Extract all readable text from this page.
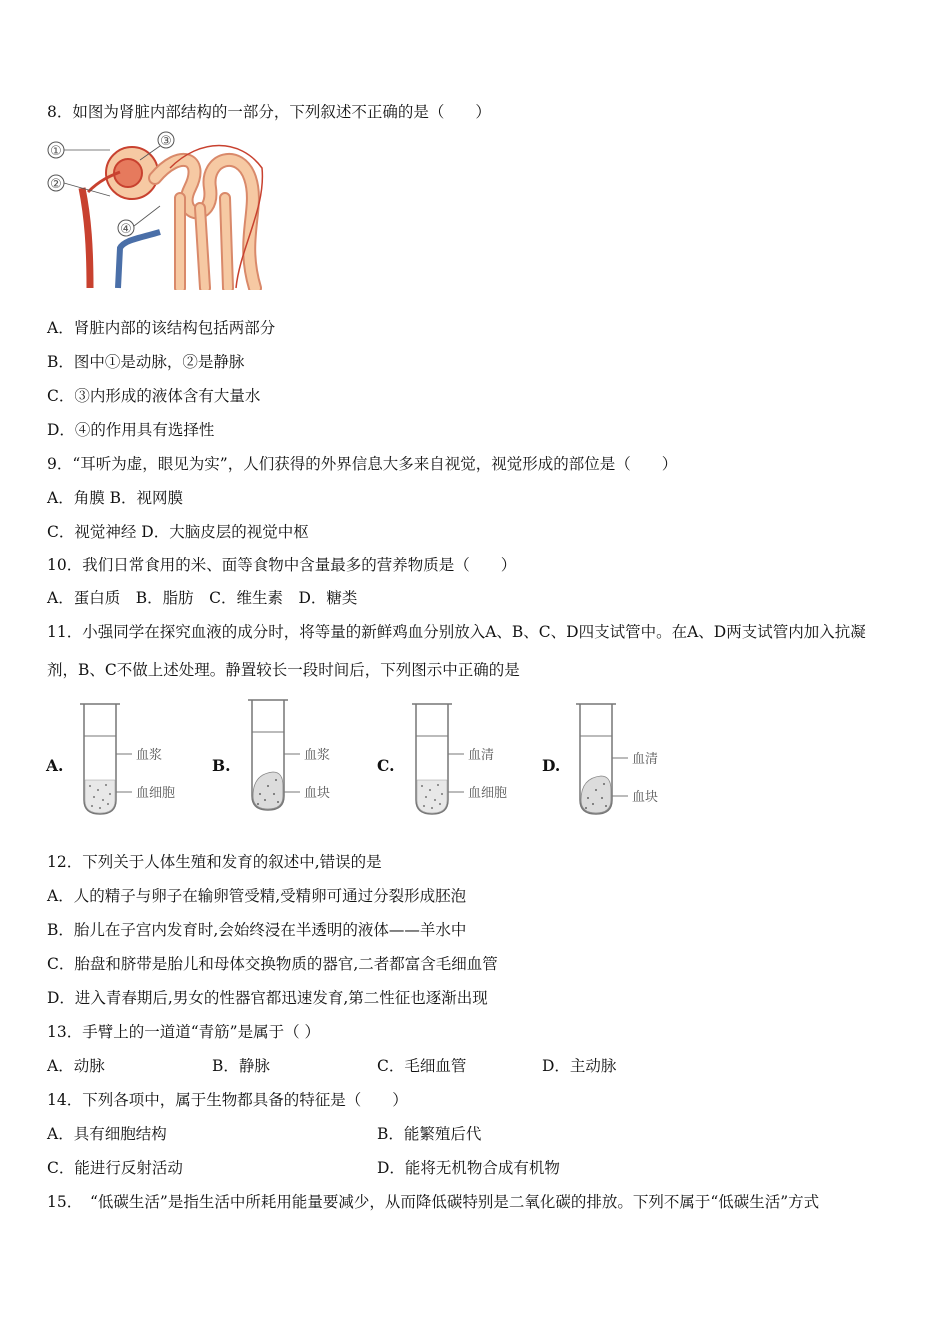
8．如图为肾脏内部结构的一部分，下列叙述不正确的是（　　）
①
②
③
④
A．肾脏内部的该结构包括两部分
B．图中①是动脉，②是静脉
C．③内形成的液体含有大量水
D．④的作用具有选择性
9．“耳听为虚，眼见为实”，人们获得的外界信息大多来自视觉，视觉形成的部位是（　　）
A．角膜 B．视网膜
C．视觉神经 D．大脑皮层的视觉中枢
10．我们日常食用的米、面等食物中含量最多的营养物质是（　　）
A．蛋白质　B．脂肪　C．维生素　D．糖类
11．小强同学在探究血液的成分时，将等量的新鲜鸡血分别放入A、B、C、D四支试管中。在A、D两支试管内加入抗凝
剂，B、C不做上述处理。静置较长一段时间后，下列图示中正确的是
A.
血浆
血细胞
B.
血浆
血块
C.
血清
血细胞
D.	血清
血块
12．下列关于人体生殖和发育的叙述中,错误的是
A．人的精子与卵子在输卵管受精,受精卵可通过分裂形成胚泡
B．胎儿在子宫内发育时,会始终浸在半透明的液体——羊水中
C．胎盘和脐带是胎儿和母体交换物质的器官,二者都富含毛细血管
D．进入青春期后,男女的性器官都迅速发育,第二性征也逐渐出现
13．手臂上的一道道“青筋”是属于（ ）
A．动脉	B．静脉	C．毛细血管	D．主动脉
14．下列各项中，属于生物都具备的特征是（　　）
A．具有细胞结构	B．能繁殖后代
C．能进行反射活动	D．能将无机物合成有机物
15．　“低碳生活”是指生活中所耗用能量要减少，从而降低碳特别是二氧化碳的排放。下列不属于“低碳生活”方式
